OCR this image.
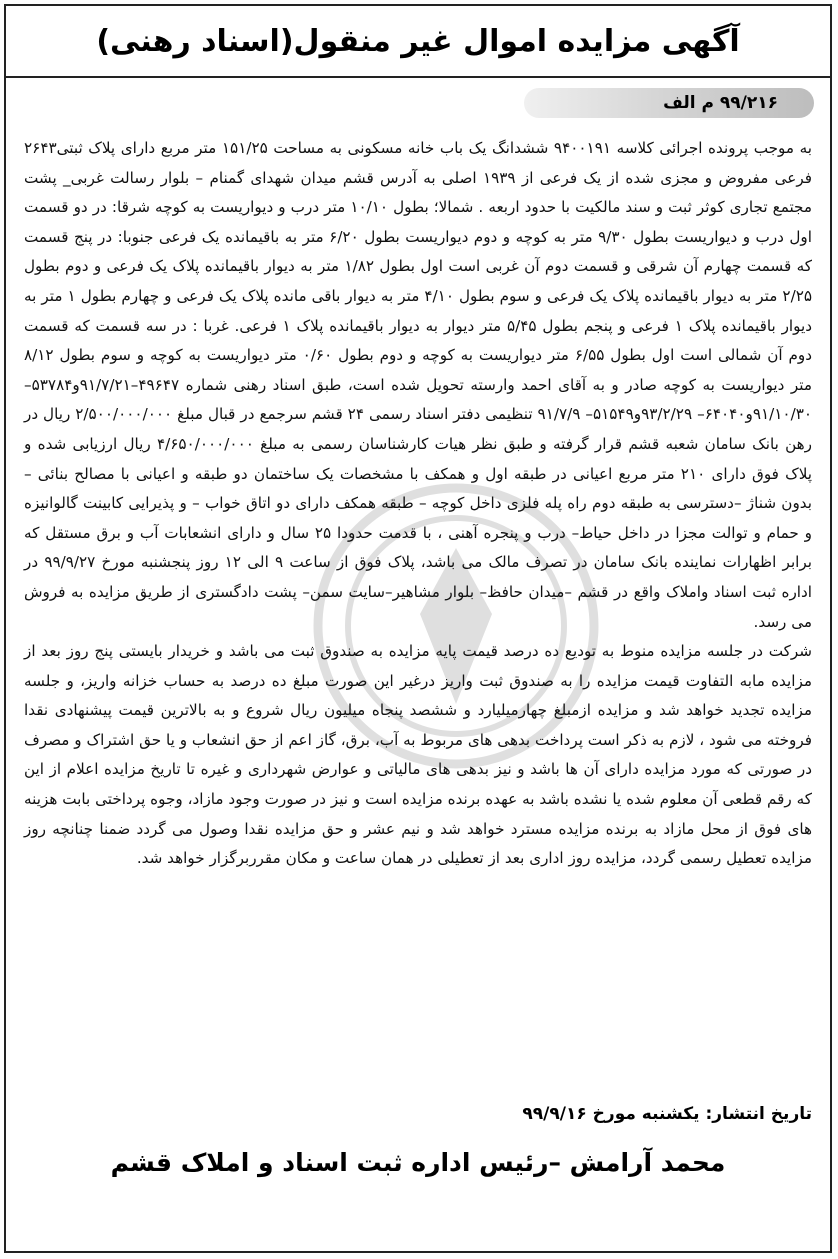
آگهی مزایده اموال غیر منقول(اسناد رهنی)
۹۹/۲۱۶ م الف

به موجب پرونده اجرائی کلاسه ۹۴۰۰۱۹۱ ششدانگ یک باب خانه مسکونی به مساحت ۱۵۱/۲۵ متر مربع دارای پلاک ثبتی۲۶۴۳ فرعی مفروض و مجزی شده از یک فرعی از ۱۹۳۹ اصلی به آدرس قشم میدان شهدای گمنام – بلوار رسالت غربی_ پشت مجتمع تجاری کوثر ثبت و سند مالکیت با حدود اربعه . شمالا؛ بطول ۱۰/۱۰ متر درب و دیواریست به کوچه شرقا: در دو قسمت اول درب و دیواریست بطول ۹/۳۰ متر به کوچه و دوم دیواریست بطول ۶/۲۰ متر به باقیمانده یک فرعی جنوبا: در پنج قسمت که قسمت چهارم آن شرقی و قسمت دوم آن غربی است اول بطول ۱/۸۲ متر به دیوار باقیمانده پلاک یک فرعی و دوم بطول ۲/۲۵ متر به دیوار باقیمانده پلاک یک فرعی و سوم بطول ۴/۱۰ متر به دیوار باقی مانده پلاک یک فرعی و چهارم بطول ۱ متر به دیوار باقیمانده پلاک ۱ فرعی و پنجم بطول ۵/۴۵ متر دیوار به دیوار باقیمانده پلاک ۱ فرعی. غربا : در سه قسمت که قسمت دوم آن شمالی است اول بطول ۶/۵۵ متر دیواریست به کوچه و دوم بطول ۰/۶۰ متر دیواریست به کوچه و سوم بطول ۸/۱۲ متر دیواریست به کوچه صادر و به آقای احمد وارسته تحویل شده است، طبق اسناد رهنی شماره ۴۹۶۴۷–۹۱/۷/۲۱و۵۳۷۸۴–۹۱/۱۰/۳۰و۶۴۰۴۰– ۹۳/۲/۲۹و۵۱۵۴۹– ۹۱/۷/۹ تنظیمی دفتر اسناد رسمی ۲۴ قشم سرجمع در قبال مبلغ ۲/۵۰۰/۰۰۰/۰۰۰ ریال در رهن بانک سامان شعبه قشم قرار گرفته و طبق نظر هیات کارشناسان رسمی به مبلغ ۴/۶۵۰/۰۰۰/۰۰۰ ریال ارزیابی شده و پلاک فوق دارای ۲۱۰ متر مربع اعیانی در طبقه اول و همکف با مشخصات یک ساختمان دو طبقه و اعیانی با مصالح بنائی – بدون شناژ –دسترسی به طبقه دوم راه پله فلزی داخل کوچه – طبقه همکف دارای دو اتاق خواب – و پذیرایی کابینت گالوانیزه و حمام و توالت مجزا در داخل حیاط– درب و پنجره آهنی ، با قدمت حدودا ۲۵ سال و دارای انشعابات آب و برق مستقل که برابر اظهارات نماینده بانک سامان در تصرف مالک می باشد، پلاک فوق از ساعت ۹ الی ۱۲ روز پنجشنبه مورخ ۹۹/۹/۲۷ در اداره ثبت اسناد واملاک واقع در قشم –میدان حافظ– بلوار مشاهیر–سایت سمن– پشت دادگستری از طریق مزایده به فروش می رسد.

شرکت در جلسه مزایده منوط به تودیع ده درصد قیمت پایه مزایده به صندوق ثبت می باشد و خریدار بایستی پنج روز بعد از مزایده مابه التفاوت قیمت مزایده را به صندوق ثبت واریز درغیر این صورت مبلغ ده درصد به حساب خزانه واریز، و جلسه مزایده تجدید خواهد شد و مزایده ازمبلغ چهارمیلیارد و ششصد پنجاه میلیون ریال شروع و به بالاترین قیمت پیشنهادی نقدا فروخته می شود ، لازم به ذکر است پرداخت بدهی های مربوط به آب، برق، گاز اعم از حق انشعاب و یا حق اشتراک و مصرف در صورتی که مورد مزایده دارای آن ها باشد و نیز بدهی های مالیاتی و عوارض شهرداری و غیره تا تاریخ مزایده اعلام از این که رقم قطعی آن معلوم شده یا نشده باشد به عهده برنده مزایده است و نیز در صورت وجود مازاد، وجوه پرداختی بابت هزینه های فوق از محل مازاد به برنده مزایده مسترد خواهد شد و نیم عشر و حق مزایده نقدا وصول می گردد ضمنا چنانچه روز مزایده تعطیل رسمی گردد، مزایده روز اداری بعد از تعطیلی در همان ساعت و مکان مقرربرگزار خواهد شد.

تاریخ انتشار: یکشنبه مورخ ۹۹/۹/۱۶
محمد آرامش –رئیس اداره ثبت اسناد و املاک قشم
